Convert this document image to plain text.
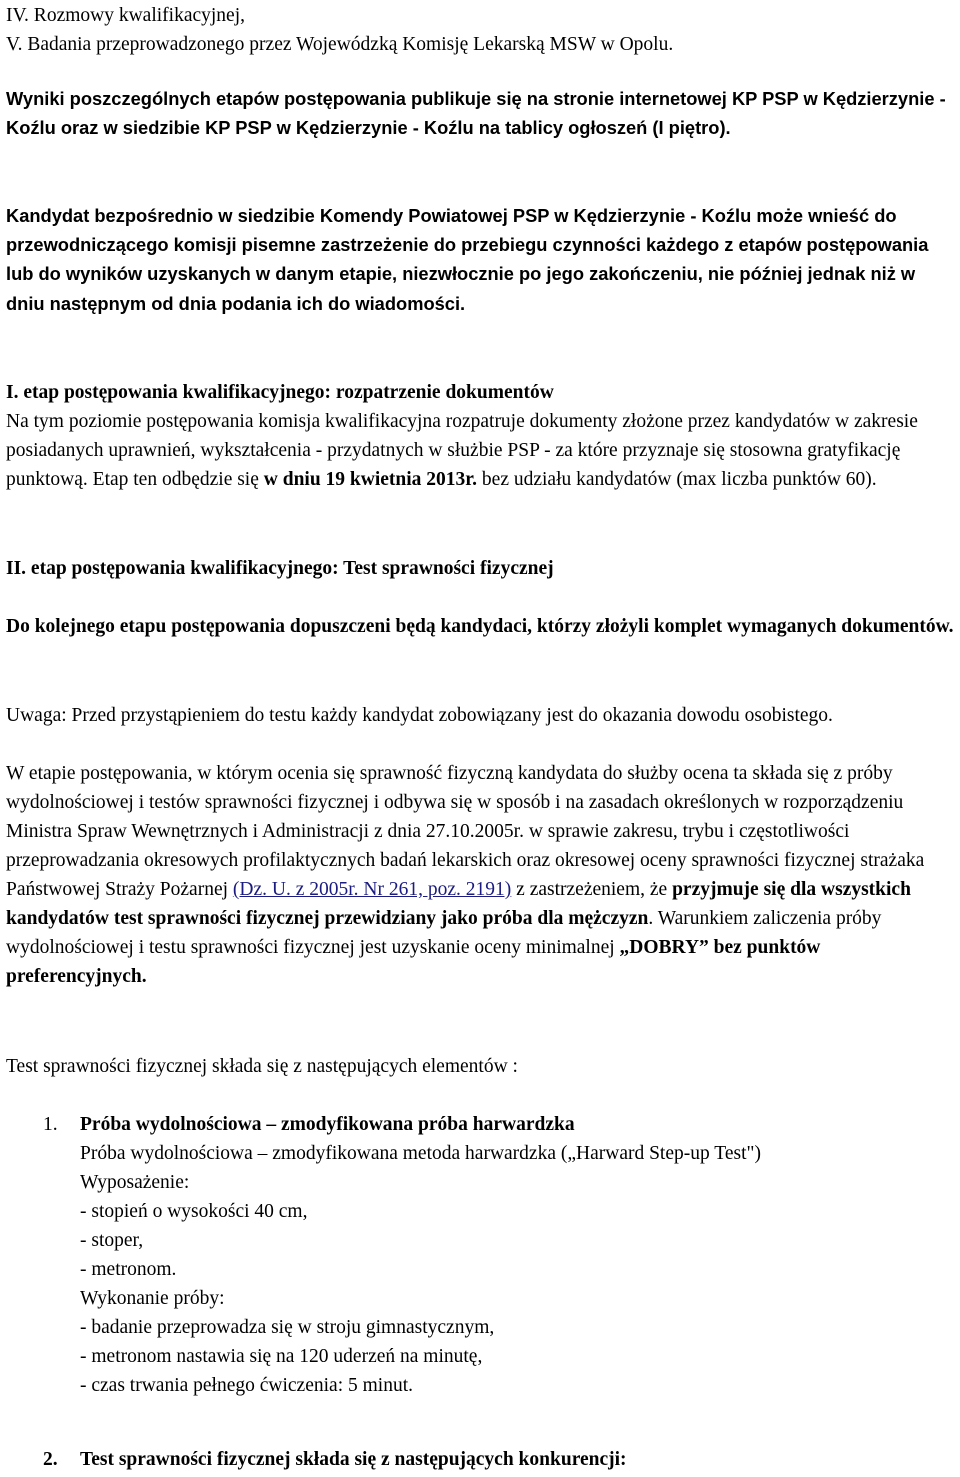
IV. Rozmowy kwalifikacyjnej,

V. Badania przeprowadzonego przez Wojewódzką Komisję Lekarską MSW w Opolu.

Wyniki poszczególnych etapów postępowania publikuje się na stronie internetowej KP PSP w Kędzierzynie - Koźlu oraz w siedzibie KP PSP w Kędzierzynie - Koźlu na tablicy ogłoszeń (I piętro).

Kandydat bezpośrednio w siedzibie Komendy Powiatowej PSP w Kędzierzynie - Koźlu może wnieść do przewodniczącego komisji pisemne zastrzeżenie do przebiegu czynności każdego z etapów postępowania lub do wyników uzyskanych w danym etapie, niezwłocznie po jego zakończeniu, nie później jednak niż w dniu następnym od dnia podania ich do wiadomości.

I. etap postępowania kwalifikacyjnego: rozpatrzenie dokumentów

Na tym poziomie postępowania komisja kwalifikacyjna rozpatruje dokumenty złożone przez kandydatów w zakresie posiadanych uprawnień, wykształcenia - przydatnych w służbie PSP - za które przyznaje się stosowna gratyfikację punktową. Etap ten odbędzie się w dniu 19 kwietnia 2013r. bez udziału kandydatów (max liczba punktów 60).

II. etap postępowania kwalifikacyjnego: Test sprawności fizycznej

Do kolejnego etapu postępowania dopuszczeni będą kandydaci, którzy złożyli komplet wymaganych dokumentów.

Uwaga: Przed przystąpieniem do testu każdy kandydat zobowiązany jest do okazania dowodu osobistego.

W etapie postępowania, w którym ocenia się sprawność fizyczną kandydata do służby ocena ta składa się z próby wydolnościowej i testów sprawności fizycznej i odbywa się w sposób i na zasadach określonych w rozporządzeniu Ministra Spraw Wewnętrznych i Administracji z dnia 27.10.2005r. w sprawie zakresu, trybu i częstotliwości przeprowadzania okresowych profilaktycznych badań lekarskich oraz okresowej oceny sprawności fizycznej strażaka Państwowej Straży Pożarnej (Dz. U. z 2005r. Nr 261, poz. 2191) z zastrzeżeniem, że przyjmuje się dla wszystkich kandydatów test sprawności fizycznej przewidziany jako próba dla mężczyzn. Warunkiem zaliczenia próby wydolnościowej i testu sprawności fizycznej jest uzyskanie oceny minimalnej „DOBRY” bez punktów preferencyjnych.

Test sprawności fizycznej składa się z następujących elementów :

1. Próba wydolnościowa – zmodyfikowana próba harwardzka

Próba wydolnościowa – zmodyfikowana metoda harwardzka („Harward Step-up Test")

Wyposażenie:

- stopień o wysokości 40 cm,

- stoper,

- metronom.

Wykonanie próby:

- badanie przeprowadza się w stroju gimnastycznym,

- metronom nastawia się na 120 uderzeń na minutę,

- czas trwania pełnego ćwiczenia: 5 minut.

2. Test sprawności fizycznej składa się z następujących konkurencji:
